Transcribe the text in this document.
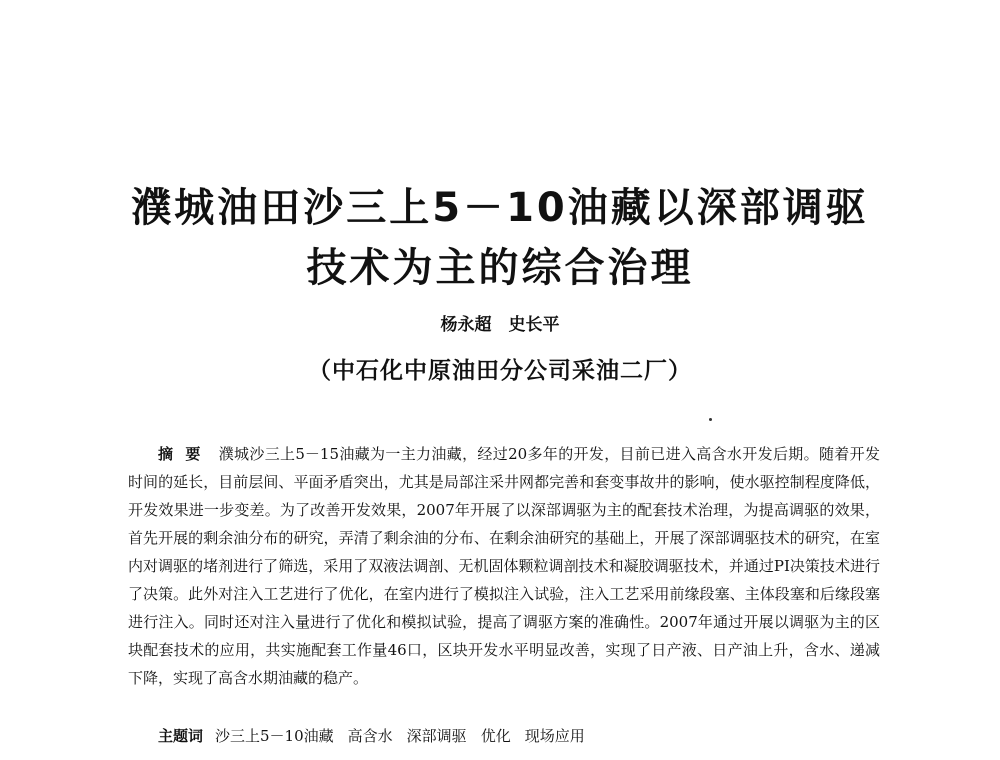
濮城油田沙三上5－10油藏以深部调驱
技术为主的综合治理
杨永超　史长平
（中石化中原油田分公司采油二厂）
摘要 濮城沙三上5－15油藏为一主力油藏，经过20多年的开发，目前已进入高含水开发后期。随着开发时间的延长，目前层间、平面矛盾突出，尤其是局部注采井网都完善和套变事故井的影响，使水驱控制程度降低，开发效果进一步变差。为了改善开发效果，2007年开展了以深部调驱为主的配套技术治理，为提高调驱的效果，首先开展的剩余油分布的研究，弄清了剩余油的分布、在剩余油研究的基础上，开展了深部调驱技术的研究，在室内对调驱的堵剂进行了筛选，采用了双液法调剖、无机固体颗粒调剖技术和凝胶调驱技术，并通过PI决策技术进行了决策。此外对注入工艺进行了优化，在室内进行了模拟注入试验，注入工艺采用前缘段塞、主体段塞和后缘段塞进行注入。同时还对注入量进行了优化和模拟试验，提高了调驱方案的准确性。2007年通过开展以调驱为主的区块配套技术的应用，共实施配套工作量46口，区块开发水平明显改善，实现了日产液、日产油上升，含水、递减下降，实现了高含水期油藏的稳产。
主题词 沙三上5－10油藏 高含水 深部调驱 优化 现场应用
